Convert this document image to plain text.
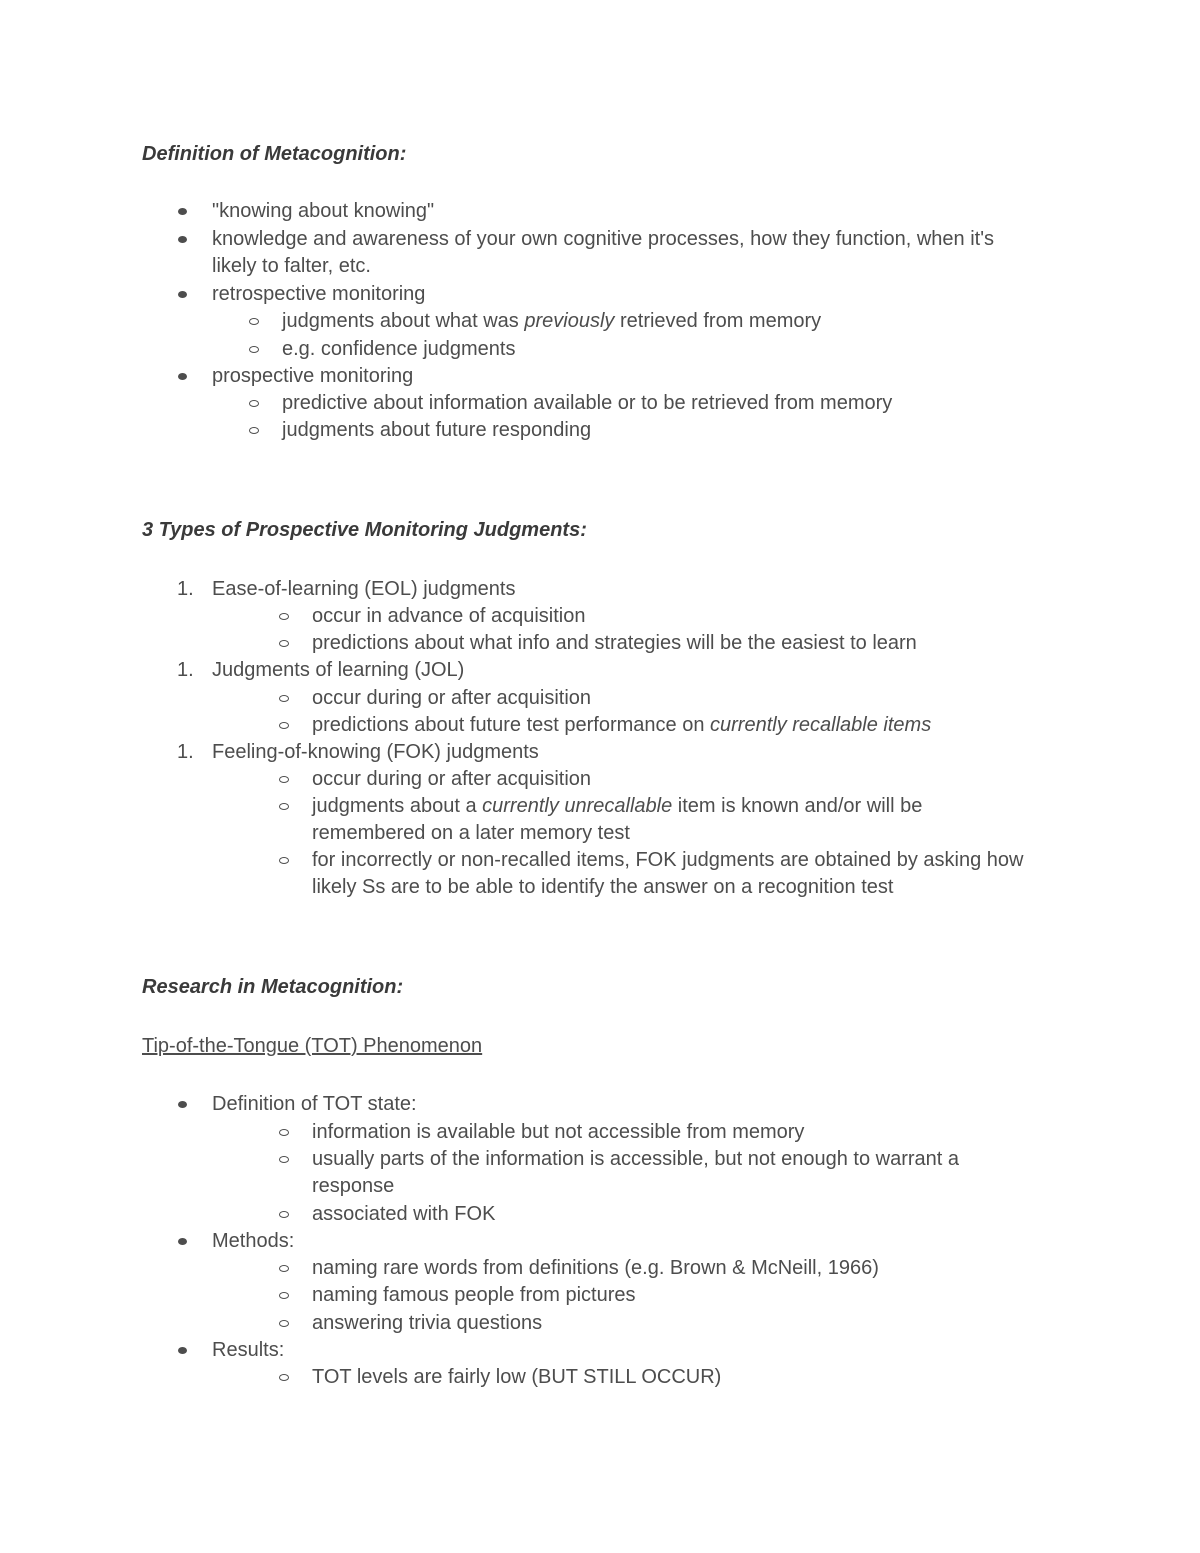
Definition of Metacognition:
"knowing about knowing"
knowledge and awareness of your own cognitive processes, how they function, when it's
likely to falter, etc.
retrospective monitoring
judgments about what was previously retrieved from memory
e.g. confidence judgments
prospective monitoring
predictive about information available or to be retrieved from memory
judgments about future responding
3 Types of Prospective Monitoring Judgments:
1. Ease-of-learning (EOL) judgments
occur in advance of acquisition
predictions about what info and strategies will be the easiest to learn
1. Judgments of learning (JOL)
occur during or after acquisition
predictions about future test performance on currently recallable items
1. Feeling-of-knowing (FOK) judgments
occur during or after acquisition
judgments about a currently unrecallable item is known and/or will be
remembered on a later memory test
for incorrectly or non-recalled items, FOK judgments are obtained by asking how
likely Ss are to be able to identify the answer on a recognition test
Research in Metacognition:
Tip-of-the-Tongue (TOT) Phenomenon
Definition of TOT state:
information is available but not accessible from memory
usually parts of the information is accessible, but not enough to warrant a
response
associated with FOK
Methods:
naming rare words from definitions (e.g. Brown & McNeill, 1966)
naming famous people from pictures
answering trivia questions
Results:
TOT levels are fairly low (BUT STILL OCCUR)
